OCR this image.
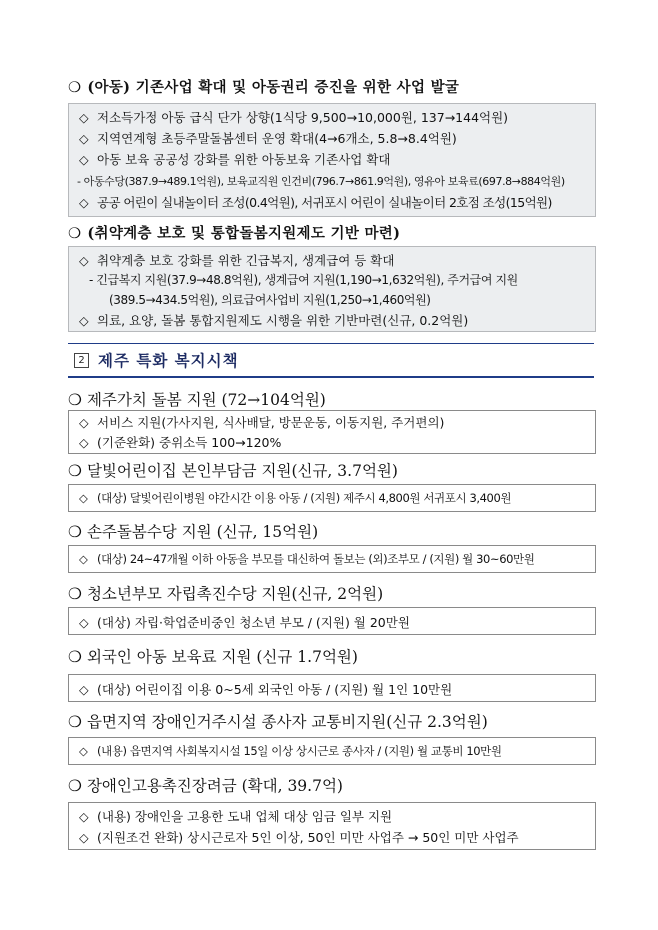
❍ (아동) 기존사업 확대 및 아동권리 증진을 위한 사업 발굴
◇ 저소득가정 아동 급식 단가 상향(1식당 9,500→10,000원, 137→144억원)
◇ 지역연계형 초등주말돌봄센터 운영 확대(4→6개소, 5.8→8.4억원)
◇ 아동 보육 공공성 강화를 위한 아동보육 기존사업 확대
- 아동수당(387.9→489.1억원), 보육교직원 인건비(796.7→861.9억원), 영유아 보육료(697.8→884억원)
◇ 공공 어린이 실내놀이터 조성(0.4억원), 서귀포시 어린이 실내놀이터 2호점 조성(15억원)
❍ (취약계층 보호 및 통합돌봄지원제도 기반 마련)
◇ 취약계층 보호 강화를 위한 긴급복지, 생계급여 등 확대
- 긴급복지 지원(37.9→48.8억원), 생계급여 지원(1,190→1,632억원), 주거급여 지원
(389.5→434.5억원), 의료급여사업비 지원(1,250→1,460억원)
◇ 의료, 요양, 돌봄 통합지원제도 시행을 위한 기반마련(신규, 0.2억원)
2 제주 특화 복지시책
❍ 제주가치 돌봄 지원 (72→104억원)
◇ 서비스 지원(가사지원, 식사배달, 방문운동, 이동지원, 주거편의)
◇ (기준완화) 중위소득 100→120%
❍ 달빛어린이집 본인부담금 지원(신규, 3.7억원)
◇ (대상) 달빛어린이병원 야간시간 이용 아동 / (지원) 제주시 4,800원 서귀포시 3,400원
❍ 손주돌봄수당 지원 (신규, 15억원)
◇ (대상) 24~47개월 이하 아동을 부모를 대신하여 돌보는 (외)조부모 / (지원) 월 30~60만원
❍ 청소년부모 자립촉진수당 지원(신규, 2억원)
◇ (대상) 자립·학업준비중인 청소년 부모 / (지원) 월 20만원
❍ 외국인 아동 보육료 지원 (신규 1.7억원)
◇ (대상) 어린이집 이용 0~5세 외국인 아동 / (지원) 월 1인 10만원
❍ 읍면지역 장애인거주시설 종사자 교통비지원(신규 2.3억원)
◇ (내용) 읍면지역 사회복지시설 15일 이상 상시근로 종사자 / (지원) 월 교통비 10만원
❍ 장애인고용촉진장려금 (확대, 39.7억)
◇ (내용) 장애인을 고용한 도내 업체 대상 임금 일부 지원
◇ (지원조건 완화) 상시근로자 5인 이상, 50인 미만 사업주 → 50인 미만 사업주
